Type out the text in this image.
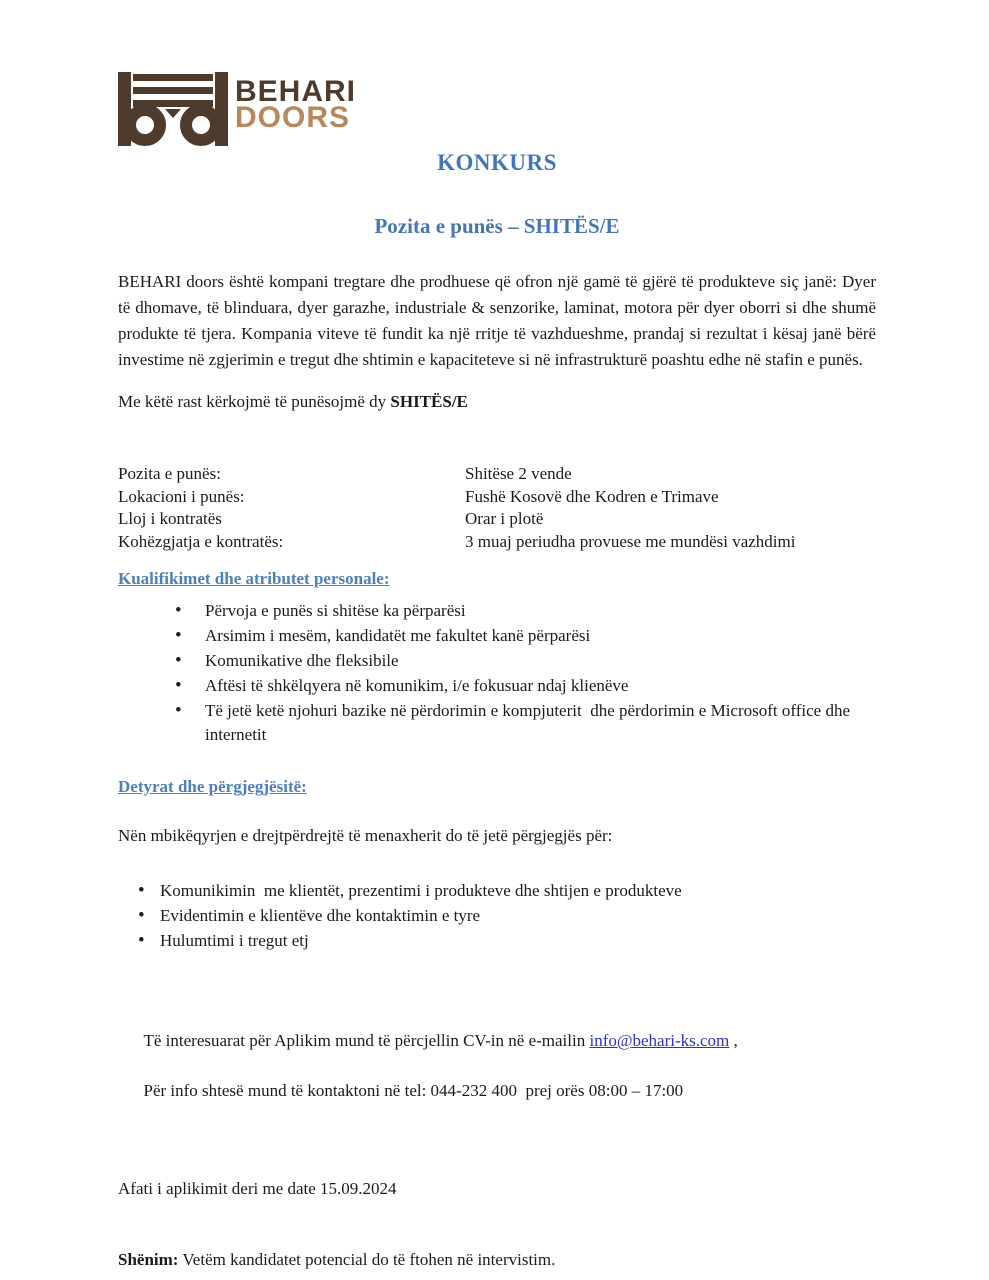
BEHARI
DOORS
KONKURS
Pozita e punës – SHITËS/E
BEHARI doors është kompani tregtare dhe prodhuese që ofron një gamë të gjërë të produkteve siç janë: Dyer të dhomave, të blinduara, dyer garazhe, industriale & senzorike, laminat, motora për dyer oborri si dhe shumë produkte të tjera. Kompania viteve të fundit ka një rritje të vazhdueshme, prandaj si rezultat i kësaj janë bërë investime në zgjerimin e tregut dhe shtimin e kapaciteteve si në infrastrukturë poashtu edhe në stafin e punës.
Me këtë rast kërkojmë të punësojmë dy SHITËS/E
Pozita e punës:	Shitëse 2 vende
Lokacioni i punës:	Fushë Kosovë dhe Kodren e Trimave
Lloj i kontratës	Orar i plotë
Kohëzgjatja e kontratës:	3 muaj periudha provuese me mundësi vazhdimi
Kualifikimet dhe atributet personale:
• Përvoja e punës si shitëse ka përparësi
• Arsimim i mesëm, kandidatët me fakultet kanë përparësi
• Komunikative dhe fleksibile
• Aftësi të shkëlqyera në komunikim, i/e fokusuar ndaj klienëve
• Të jetë ketë njohuri bazike në përdorimin e kompjuterit  dhe përdorimin e Microsoft office dhe internetit
Detyrat dhe përgjegjësitë:
Nën mbikëqyrjen e drejtpërdrejtë të menaxherit do të jetë përgjegjës për:
• Komunikimin  me klientët, prezentimi i produkteve dhe shtijen e produkteve
• Evidentimin e klientëve dhe kontaktimin e tyre
• Hulumtimi i tregut etj

Të interesuarat për Aplikim mund të përcjellin CV-in në e-mailin info@behari-ks.com ,

Për info shtesë mund të kontaktoni në tel: 044-232 400  prej orës 08:00 – 17:00

Afati i aplikimit deri me date 15.09.2024
Shënim: Vetëm kandidatet potencial do të ftohen në intervistim.
